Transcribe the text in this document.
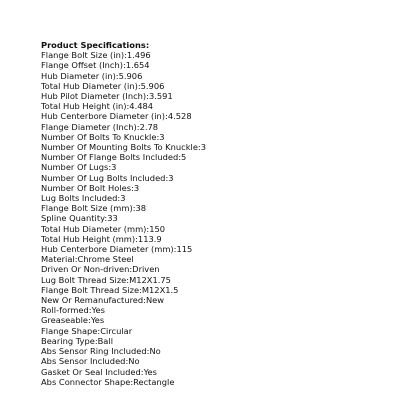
Product Specifications:
Flange Bolt Size (in):1.496
Flange Offset (Inch):1.654
Hub Diameter (in):5.906
Total Hub Diameter (in):5.906
Hub Pilot Diameter (Inch):3.591
Total Hub Height (in):4.484
Hub Centerbore Diameter (in):4.528
Flange Diameter (Inch):2.78
Number Of Bolts To Knuckle:3
Number Of Mounting Bolts To Knuckle:3
Number Of Flange Bolts Included:5
Number Of Lugs:3
Number Of Lug Bolts Included:3
Number Of Bolt Holes:3
Lug Bolts Included:3
Flange Bolt Size (mm):38
Spline Quantity:33
Total Hub Diameter (mm):150
Total Hub Height (mm):113.9
Hub Centerbore Diameter (mm):115
Material:Chrome Steel
Driven Or Non-driven:Driven
Lug Bolt Thread Size:M12X1.75
Flange Bolt Thread Size:M12X1.5
New Or Remanufactured:New
Roll-formed:Yes
Greaseable:Yes
Flange Shape:Circular
Bearing Type:Ball
Abs Sensor Ring Included:No
Abs Sensor Included:No
Gasket Or Seal Included:Yes
Abs Connector Shape:Rectangle
